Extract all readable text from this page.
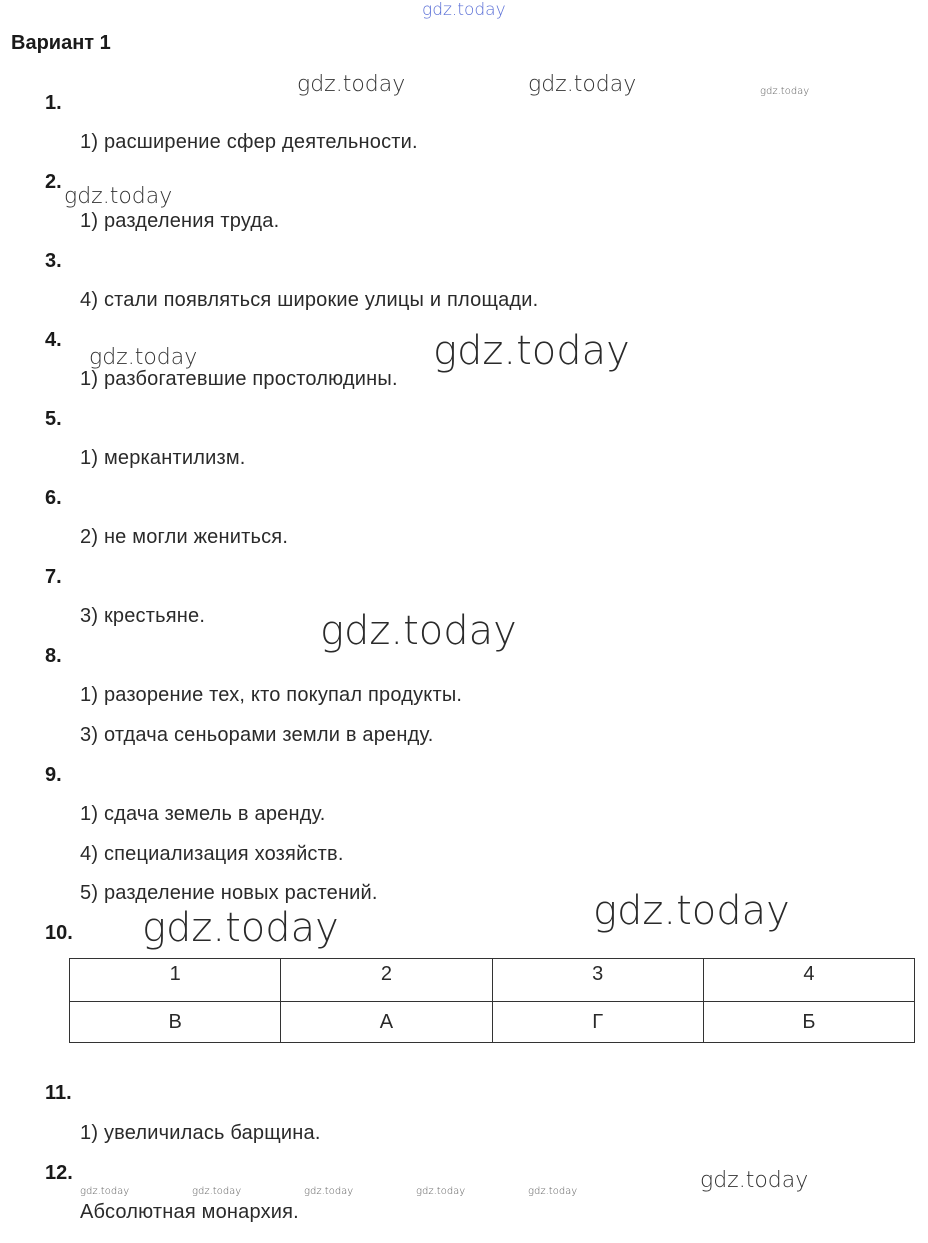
gdz.today
Вариант 1
gdz.today	gdz.today	gdz.today
gdz.today
gdz.today	gdz.today
gdz.today
gdz.today
gdz.today
gdz.today
gdz.today	gdz.today	gdz.today	gdz.today	gdz.today
1.
2.
3.
4.
5.
6.
7.
8.
9.
10.
11.
12.
1) расширение сфер деятельности.
1) разделения труда.
4) стали появляться широкие улицы и площади.
1) разбогатевшие простолюдины.
1) меркантилизм.
2) не могли жениться.
3) крестьяне.
1) разорение тех, кто покупал продукты.
3) отдача сеньорами земли в аренду.
1) сдача земель в аренду.
4) специализация хозяйств.
5) разделение новых растений.
1) увеличилась барщина.
Абсолютная монархия.
1	2	3	4
В	А	Г	Б
